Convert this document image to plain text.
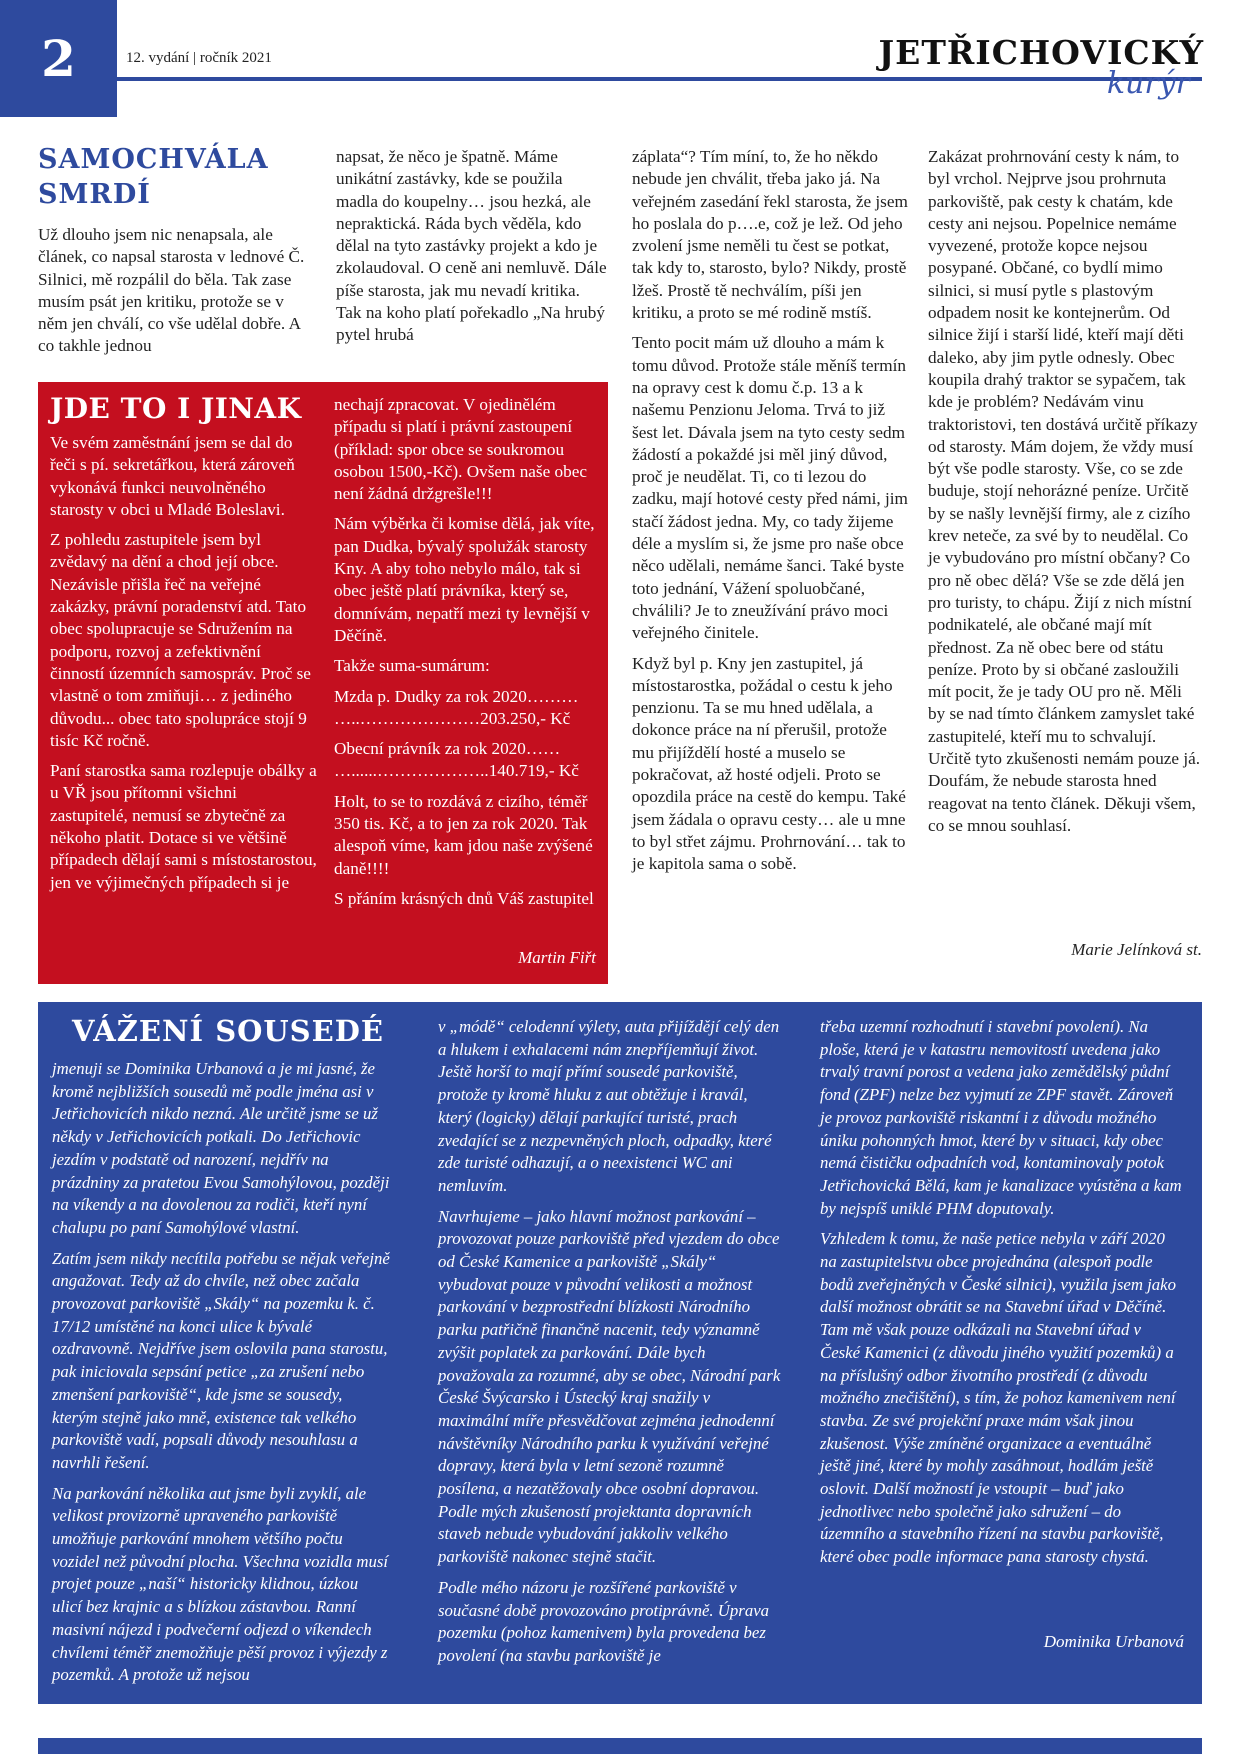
2	12. vydání | ročník 2021	JETŘICHOVICKÝ
kurýr
SAMOCHVÁLA SMRDÍ

Už dlouho jsem nic nenapsala, ale článek, co napsal starosta v lednové Č. Silnici, mě rozpálil do běla. Tak zase musím psát jen kritiku, protože se v něm jen chválí, co vše udělal dobře. A co takhle jednou

napsat, že něco je špatně. Máme unikátní zastávky, kde se použila madla do koupelny… jsou hezká, ale nepraktická. Ráda bych věděla, kdo dělal na tyto zastávky projekt a kdo je zkolaudoval. O ceně ani nemluvě. Dále píše starosta, jak mu nevadí kritika. Tak na koho platí pořekadlo „Na hrubý pytel hrubá

záplata“? Tím míní, to, že ho někdo nebude jen chválit, třeba jako já. Na veřejném zasedání řekl starosta, že jsem ho poslala do p….e, což je lež. Od jeho zvolení jsme neměli tu čest se potkat, tak kdy to, starosto, bylo? Nikdy, prostě lžeš. Prostě tě nechválím, píši jen kritiku, a proto se mé rodině mstíš.

Tento pocit mám už dlouho a mám k tomu důvod. Protože stále měníš termín na opravy cest k domu č.p. 13 a k našemu Penzionu Jeloma. Trvá to již šest let. Dávala jsem na tyto cesty sedm žádostí a pokaždé jsi měl jiný důvod, proč je neudělat. Ti, co ti lezou do zadku, mají hotové cesty před námi, jim stačí žádost jedna. My, co tady žijeme déle a myslím si, že jsme pro naše obce něco udělali, nemáme šanci. Také byste toto jednání, Vážení spoluobčané, chválili? Je to zneužívání právo moci veřejného činitele.

Když byl p. Kny jen zastupitel, já místostarostka, požádal o cestu k jeho penzionu. Ta se mu hned udělala, a dokonce práce na ní přerušil, protože mu přijíždělí hosté a muselo se pokračovat, až hosté odjeli. Proto se opozdila práce na cestě do kempu. Také jsem žádala o opravu cesty… ale u mne to byl střet zájmu. Prohrnování… tak to je kapitola sama o sobě.

Zakázat prohrnování cesty k nám, to byl vrchol. Nejprve jsou prohrnuta parkoviště, pak cesty k chatám, kde cesty ani nejsou. Popelnice nemáme vyvezené, protože kopce nejsou posypané. Občané, co bydlí mimo silnici, si musí pytle s plastovým odpadem nosit ke kontejnerům. Od silnice žijí i starší lidé, kteří mají děti daleko, aby jim pytle odnesly. Obec koupila drahý traktor se sypačem, tak kde je problém? Nedávám vinu traktoristovi, ten dostává určitě příkazy od starosty. Mám dojem, že vždy musí být vše podle starosty. Vše, co se zde buduje, stojí nehorázné peníze. Určitě by se našly levnější firmy, ale z cizího krev neteče, za své by to neudělal. Co je vybudováno pro místní občany? Co pro ně obec dělá? Vše se zde dělá jen pro turisty, to chápu. Žijí z nich místní podnikatelé, ale občané mají mít přednost. Za ně obec bere od státu peníze. Proto by si občané zasloužili mít pocit, že je tady OU pro ně. Měli by se nad tímto článkem zamyslet také zastupitelé, kteří mu to schvalují. Určitě tyto zkušenosti nemám pouze já. Doufám, že nebude starosta hned reagovat na tento článek. Děkuji všem, co se mnou souhlasí.

Marie Jelínková st.
JDE TO I JINAK

Ve svém zaměstnání jsem se dal do řeči s pí. sekretářkou, která zároveň vykonává funkci neuvolněného starosty v obci u Mladé Boleslavi.

Z pohledu zastupitele jsem byl zvědavý na dění a chod její obce. Nezávisle přišla řeč na veřejné zakázky, právní poradenství atd. Tato obec spolupracuje se Sdružením na podporu, rozvoj a zefektivnění činností územních samospráv. Proč se vlastně o tom zmiňuji… z jediného důvodu... obec tato spolupráce stojí 9 tisíc Kč ročně.

Paní starostka sama rozlepuje obálky a u VŘ jsou přítomni všichni zastupitelé, nemusí se zbytečně za někoho platit. Dotace si ve většině případech dělají sami s místostarostou, jen ve výjimečných případech si je

nechají zpracovat. V ojedinělém případu si platí i právní zastoupení (příklad: spor obce se soukromou osobou 1500,-Kč). Ovšem naše obec není žádná držgrešle!!!

Nám výběrka či komise dělá, jak víte, pan Dudka, bývalý spolužák starosty Kny. A aby toho nebylo málo, tak si obec ještě platí právníka, který se, domnívám, nepatří mezi ty levnější v Děčíně.

Takže suma-sumárum:

Mzda p. Dudky za rok 2020……… …..…………………203.250,- Kč

Obecní právník za rok 2020…… …......………………..140.719,- Kč

Holt, to se to rozdává z cizího, téměř 350 tis. Kč, a to jen za rok 2020. Tak alespoň víme, kam jdou naše zvýšené daně!!!!

S přáním krásných dnů Váš zastupitel

Martin Fiřt
VÁŽENÍ SOUSEDÉ

jmenuji se Dominika Urbanová a je mi jasné, že kromě nejbližších sousedů mě podle jména asi v Jetřichovicích nikdo nezná. Ale určitě jsme se už někdy v Jetřichovicích potkali. Do Jetřichovic jezdím v podstatě od narození, nejdřív na prázdniny za pratetou Evou Samohýlovou, později na víkendy a na dovolenou za rodiči, kteří nyní chalupu po paní Samohýlové vlastní.

Zatím jsem nikdy necítila potřebu se nějak veřejně angažovat. Tedy až do chvíle, než obec začala provozovat parkoviště „Skály“ na pozemku k. č. 17/12 umístěné na konci ulice k bývalé ozdravovně. Nejdříve jsem oslovila pana starostu, pak iniciovala sepsání petice „za zrušení nebo zmenšení parkoviště“, kde jsme se sousedy, kterým stejně jako mně, existence tak velkého parkoviště vadí, popsali důvody nesouhlasu a navrhli řešení.

Na parkování několika aut jsme byli zvyklí, ale velikost provizorně upraveného parkoviště umožňuje parkování mnohem většího počtu vozidel než původní plocha. Všechna vozidla musí projet pouze „naší“ historicky klidnou, úzkou ulicí bez krajnic a s blízkou zástavbou. Ranní masivní nájezd i podvečerní odjezd o víkendech chvílemi téměř znemožňuje pěší provoz i výjezdy z pozemků. A protože už nejsou

v „módě“ celodenní výlety, auta přijíždějí celý den a hlukem i exhalacemi nám znepříjemňují život. Ještě horší to mají přímí sousedé parkoviště, protože ty kromě hluku z aut obtěžuje i kravál, který (logicky) dělají parkující turisté, prach zvedající se z nezpevněných ploch, odpadky, které zde turisté odhazují, a o neexistenci WC ani nemluvím.

Navrhujeme – jako hlavní možnost parkování – provozovat pouze parkoviště před vjezdem do obce od České Kamenice a parkoviště „Skály“ vybudovat pouze v původní velikosti a možnost parkování v bezprostřední blízkosti Národního parku patřičně finančně nacenit, tedy významně zvýšit poplatek za parkování. Dále bych považovala za rozumné, aby se obec, Národní park České Švýcarsko i Ústecký kraj snažily v maximální míře přesvědčovat zejména jednodenní návštěvníky Národního parku k využívání veřejné dopravy, která byla v letní sezoně rozumně posílena, a nezatěžovaly obce osobní dopravou. Podle mých zkušeností projektanta dopravních staveb nebude vybudování jakkoliv velkého parkoviště nakonec stejně stačit.

Podle mého názoru je rozšířené parkoviště v současné době provozováno protiprávně. Úprava pozemku (pohoz kamenivem) byla provedena bez povolení (na stavbu parkoviště je

třeba uzemní rozhodnutí i stavební povolení). Na ploše, která je v katastru nemovitostí uvedena jako trvalý travní porost a vedena jako zemědělský půdní fond (ZPF) nelze bez vyjmutí ze ZPF stavět. Zároveň je provoz parkoviště riskantní i z důvodu možného úniku pohonných hmot, které by v situaci, kdy obec nemá čističku odpadních vod, kontaminovaly potok Jetřichovická Bělá, kam je kanalizace vyústěna a kam by nejspíš uniklé PHM doputovaly.

Vzhledem k tomu, že naše petice nebyla v září 2020 na zastupitelstvu obce projednána (alespoň podle bodů zveřejněných v České silnici), využila jsem jako další možnost obrátit se na Stavební úřad v Děčíně. Tam mě však pouze odkázali na Stavební úřad v České Kamenici (z důvodu jiného využití pozemků) a na příslušný odbor životního prostředí (z důvodu možného znečištění), s tím, že pohoz kamenivem není stavba. Ze své projekční praxe mám však jinou zkušenost. Výše zmíněné organizace a eventuálně ještě jiné, které by mohly zasáhnout, hodlám ještě oslovit. Další možností je vstoupit – buď jako jednotlivec nebo společně jako sdružení – do územního a stavebního řízení na stavbu parkoviště, které obec podle informace pana starosty chystá.

Dominika Urbanová
